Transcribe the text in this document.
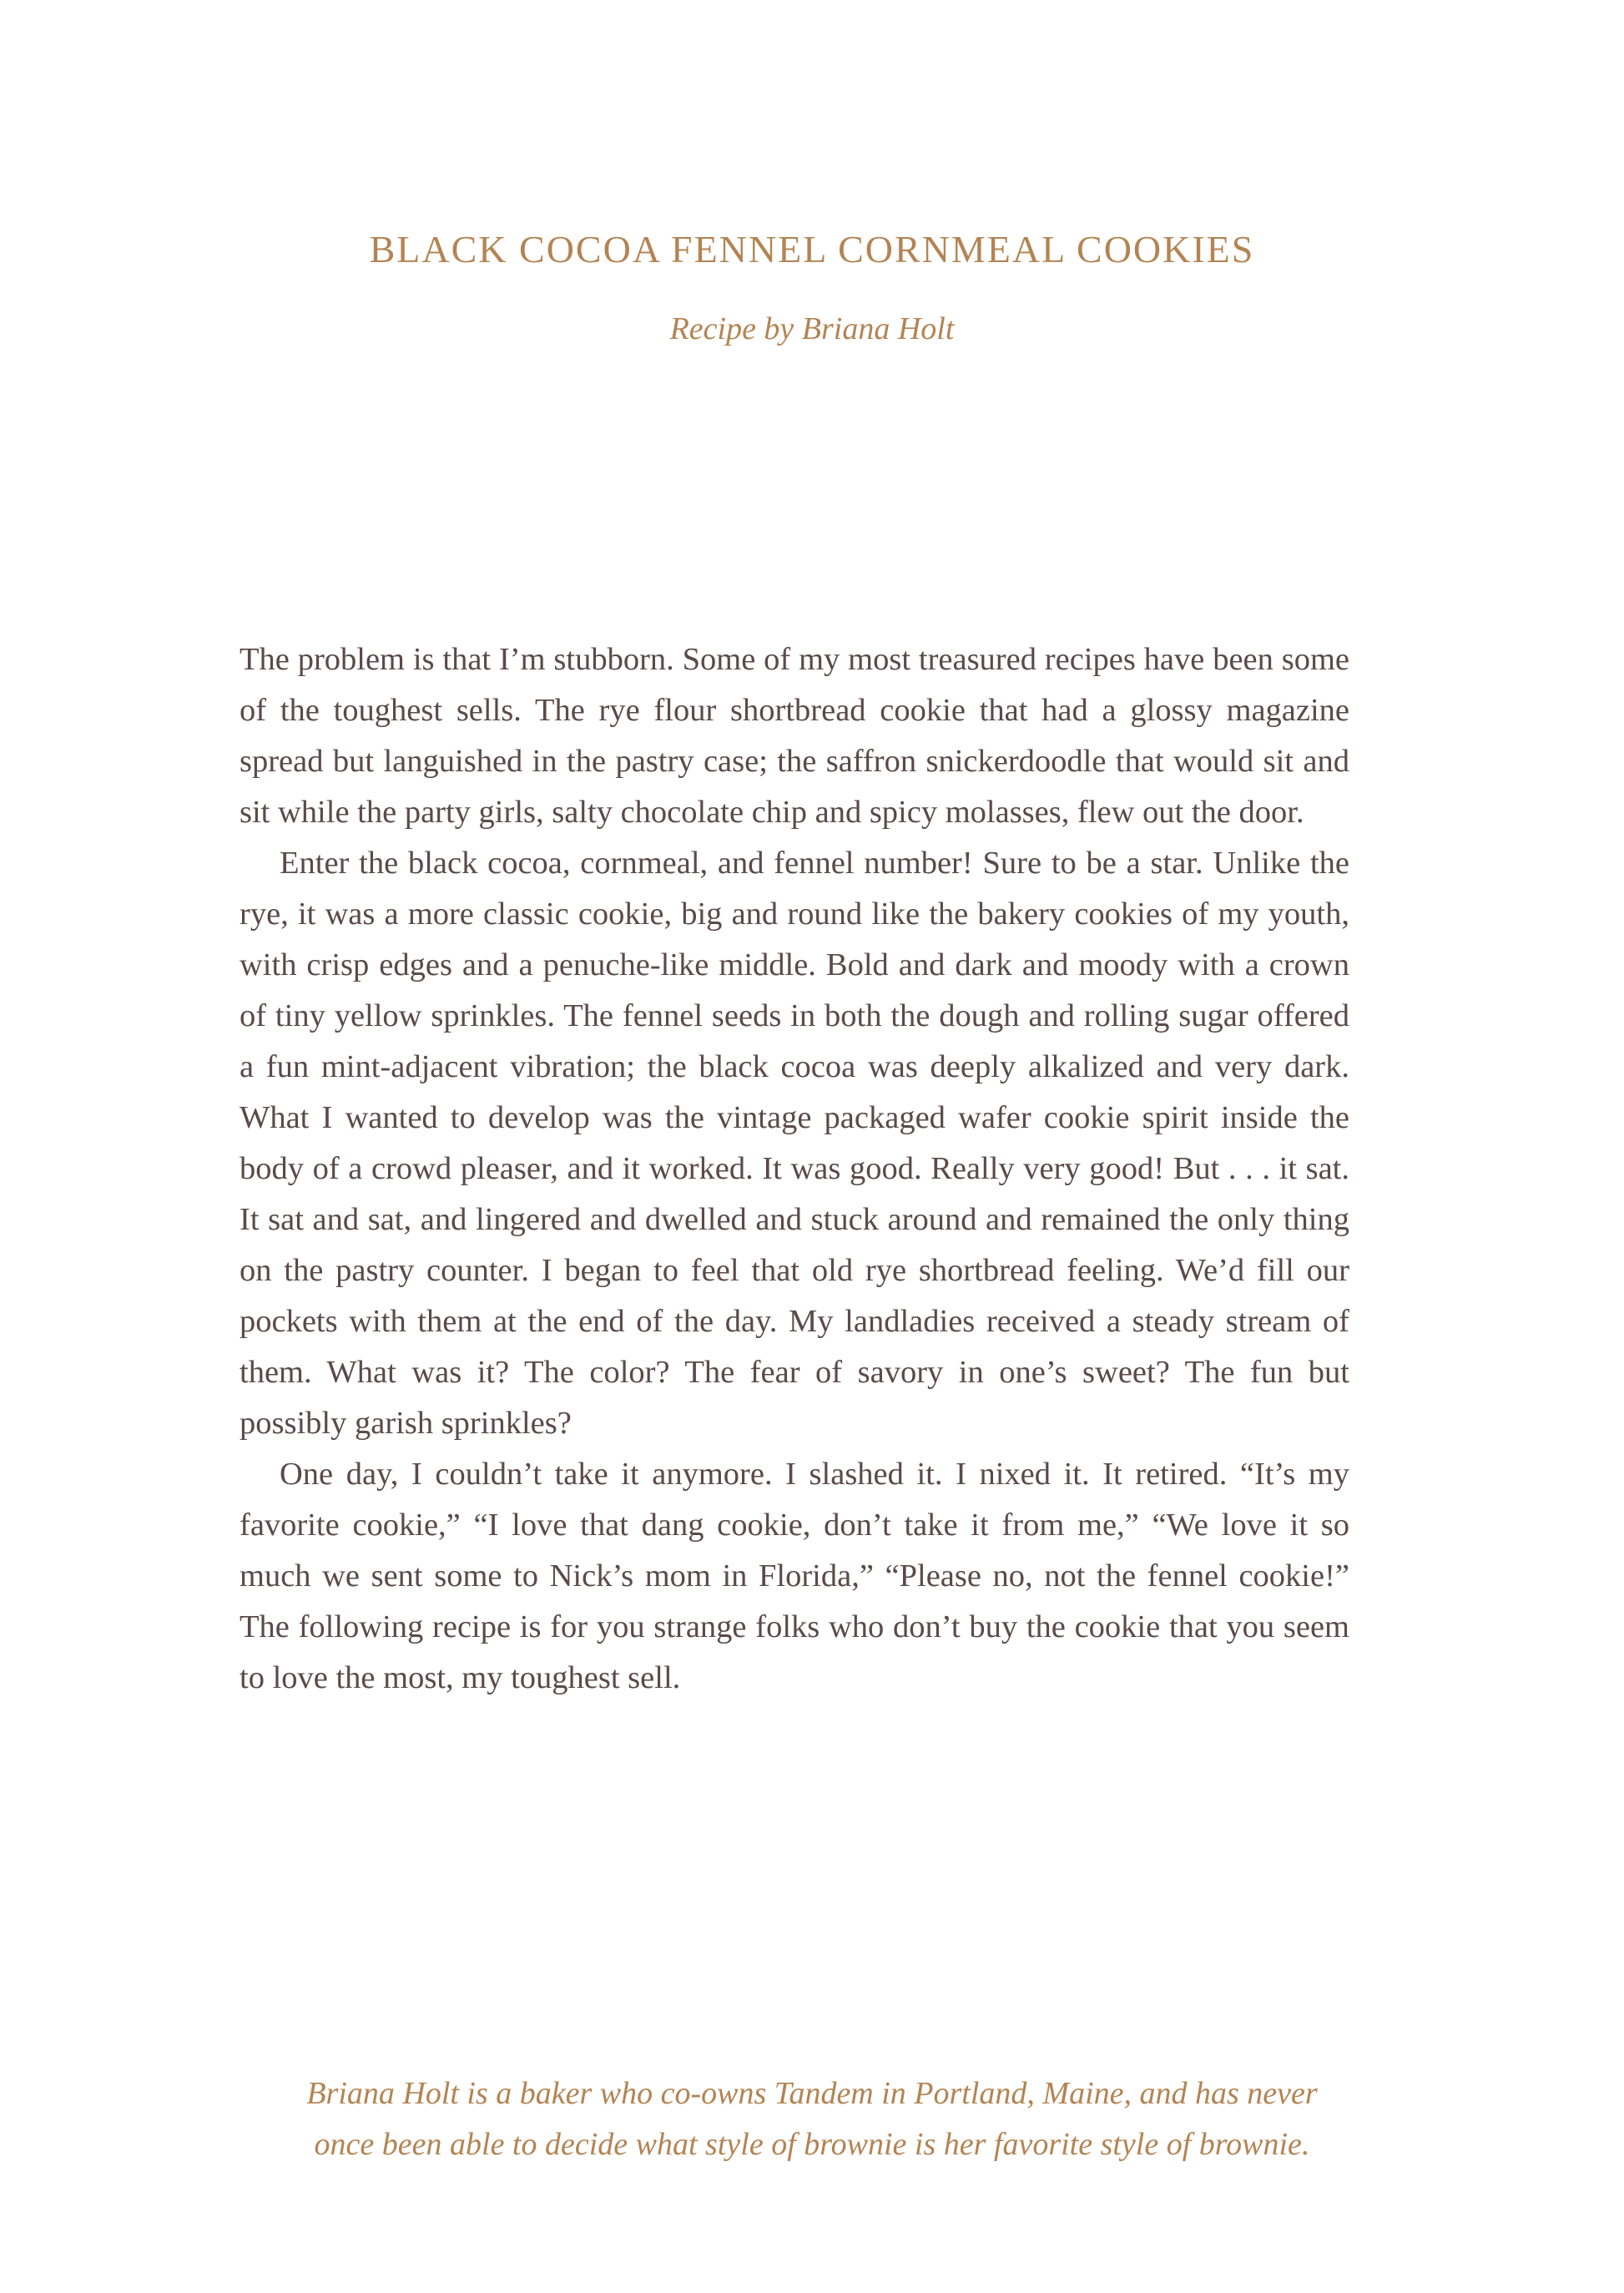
BLACK COCOA FENNEL CORNMEAL COOKIES

Recipe by Briana Holt

The problem is that I’m stubborn. Some of my most treasured recipes have been some of the toughest sells. The rye flour shortbread cookie that had a glossy magazine spread but languished in the pastry case; the saffron snickerdoodle that would sit and sit while the party girls, salty chocolate chip and spicy molasses, flew out the door.

Enter the black cocoa, cornmeal, and fennel number! Sure to be a star. Unlike the rye, it was a more classic cookie, big and round like the bakery cookies of my youth, with crisp edges and a penuche-like middle. Bold and dark and moody with a crown of tiny yellow sprinkles. The fennel seeds in both the dough and rolling sugar offered a fun mint-adjacent vibration; the black cocoa was deeply alkalized and very dark. What I wanted to develop was the vintage packaged wafer cookie spirit inside the body of a crowd pleaser, and it worked. It was good. Really very good! But . . . it sat. It sat and sat, and lingered and dwelled and stuck around and remained the only thing on the pastry counter. I began to feel that old rye shortbread feeling. We’d fill our pockets with them at the end of the day. My landladies received a steady stream of them. What was it? The color? The fear of savory in one’s sweet? The fun but possibly garish sprinkles?

One day, I couldn’t take it anymore. I slashed it. I nixed it. It retired. “It’s my favorite cookie,” “I love that dang cookie, don’t take it from me,” “We love it so much we sent some to Nick’s mom in Florida,” “Please no, not the fennel cookie!” The following recipe is for you strange folks who don’t buy the cookie that you seem to love the most, my toughest sell.

Briana Holt is a baker who co-owns Tandem in Portland, Maine, and has never
once been able to decide what style of brownie is her favorite style of brownie.
